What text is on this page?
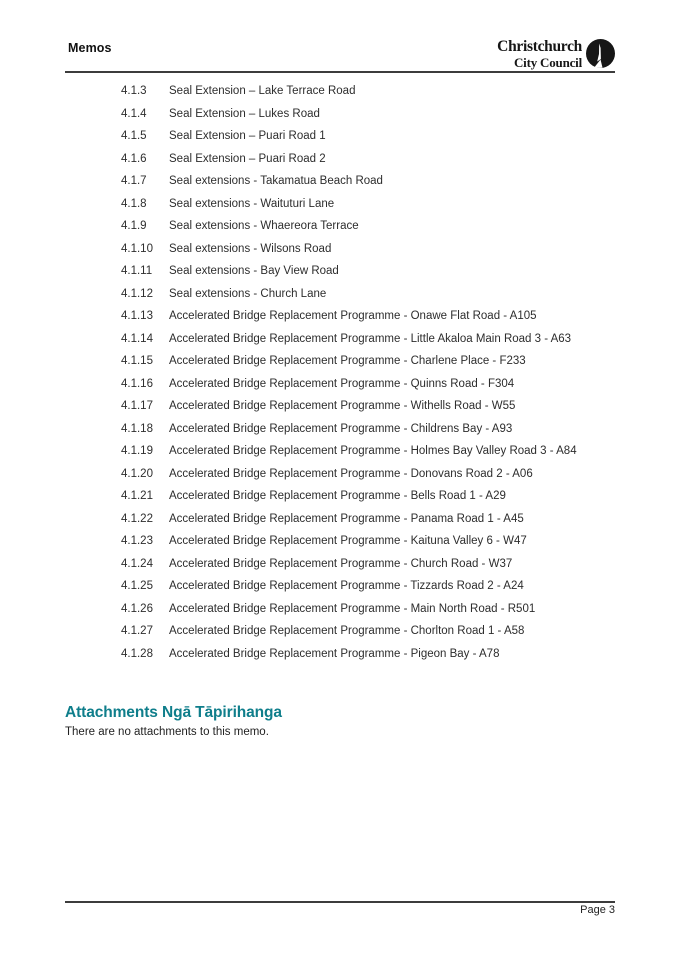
Memos	Christchurch
City Council
4.1.3	Seal Extension – Lake Terrace Road
4.1.4	Seal Extension – Lukes Road
4.1.5	Seal Extension – Puari Road 1
4.1.6	Seal Extension – Puari Road 2
4.1.7	Seal extensions - Takamatua Beach Road
4.1.8	Seal extensions - Waituturi Lane
4.1.9	Seal extensions - Whaereora Terrace
4.1.10	Seal extensions - Wilsons Road
4.1.11	Seal extensions - Bay View Road
4.1.12	Seal extensions - Church Lane
4.1.13	Accelerated Bridge Replacement Programme - Onawe Flat Road - A105
4.1.14	Accelerated Bridge Replacement Programme - Little Akaloa Main Road 3 - A63
4.1.15	Accelerated Bridge Replacement Programme - Charlene Place - F233
4.1.16	Accelerated Bridge Replacement Programme - Quinns Road - F304
4.1.17	Accelerated Bridge Replacement Programme - Withells Road - W55
4.1.18	Accelerated Bridge Replacement Programme - Childrens Bay - A93
4.1.19	Accelerated Bridge Replacement Programme - Holmes Bay Valley Road 3 - A84
4.1.20	Accelerated Bridge Replacement Programme - Donovans Road 2 - A06
4.1.21	Accelerated Bridge Replacement Programme - Bells Road 1 - A29
4.1.22	Accelerated Bridge Replacement Programme - Panama Road 1 - A45
4.1.23	Accelerated Bridge Replacement Programme - Kaituna Valley 6 - W47
4.1.24	Accelerated Bridge Replacement Programme - Church Road - W37
4.1.25	Accelerated Bridge Replacement Programme - Tizzards Road 2 - A24
4.1.26	Accelerated Bridge Replacement Programme - Main North Road - R501
4.1.27	Accelerated Bridge Replacement Programme - Chorlton Road 1 - A58
4.1.28	Accelerated Bridge Replacement Programme - Pigeon Bay - A78
Attachments Ngā Tāpirihanga
There are no attachments to this memo.
Page 3
